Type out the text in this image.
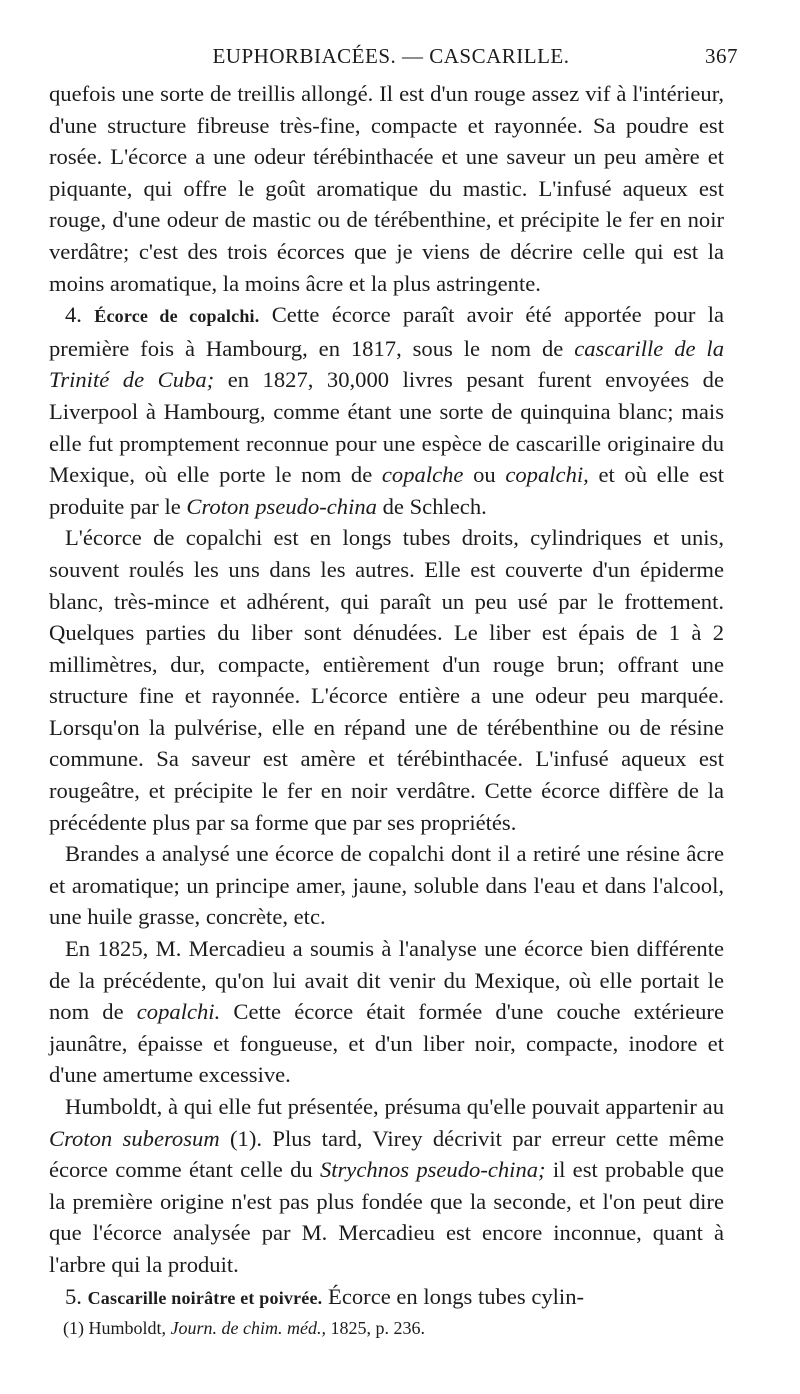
EUPHORBIACÉES. — CASCARILLE.	367

quefois une sorte de treillis allongé. Il est d'un rouge assez vif à l'intérieur, d'une structure fibreuse très-fine, compacte et rayonnée. Sa poudre est rosée. L'écorce a une odeur térébinthacée et une saveur un peu amère et piquante, qui offre le goût aromatique du mastic. L'infusé aqueux est rouge, d'une odeur de mastic ou de térébenthine, et précipite le fer en noir verdâtre; c'est des trois écorces que je viens de décrire celle qui est la moins aromatique, la moins âcre et la plus astringente.

4. Écorce de copalchi. Cette écorce paraît avoir été apportée pour la première fois à Hambourg, en 1817, sous le nom de cascarille de la Trinité de Cuba; en 1827, 30,000 livres pesant furent envoyées de Liverpool à Hambourg, comme étant une sorte de quinquina blanc; mais elle fut promptement reconnue pour une espèce de cascarille originaire du Mexique, où elle porte le nom de copalche ou copalchi, et où elle est produite par le Croton pseudo-china de Schlech.

L'écorce de copalchi est en longs tubes droits, cylindriques et unis, souvent roulés les uns dans les autres. Elle est couverte d'un épiderme blanc, très-mince et adhérent, qui paraît un peu usé par le frottement. Quelques parties du liber sont dénudées. Le liber est épais de 1 à 2 millimètres, dur, compacte, entièrement d'un rouge brun; offrant une structure fine et rayonnée. L'écorce entière a une odeur peu marquée. Lorsqu'on la pulvérise, elle en répand une de térébenthine ou de résine commune. Sa saveur est amère et térébinthacée. L'infusé aqueux est rougeâtre, et précipite le fer en noir verdâtre. Cette écorce diffère de la précédente plus par sa forme que par ses propriétés.

Brandes a analysé une écorce de copalchi dont il a retiré une résine âcre et aromatique; un principe amer, jaune, soluble dans l'eau et dans l'alcool, une huile grasse, concrète, etc.

En 1825, M. Mercadieu a soumis à l'analyse une écorce bien différente de la précédente, qu'on lui avait dit venir du Mexique, où elle portait le nom de copalchi. Cette écorce était formée d'une couche extérieure jaunâtre, épaisse et fongueuse, et d'un liber noir, compacte, inodore et d'une amertume excessive.

Humboldt, à qui elle fut présentée, présuma qu'elle pouvait appartenir au Croton suberosum (1). Plus tard, Virey décrivit par erreur cette même écorce comme étant celle du Strychnos pseudo-china; il est probable que la première origine n'est pas plus fondée que la seconde, et l'on peut dire que l'écorce analysée par M. Mercadieu est encore inconnue, quant à l'arbre qui la produit.

5. Cascarille noirâtre et poivrée. Écorce en longs tubes cylin-

(1) Humboldt, Journ. de chim. méd., 1825, p. 236.
